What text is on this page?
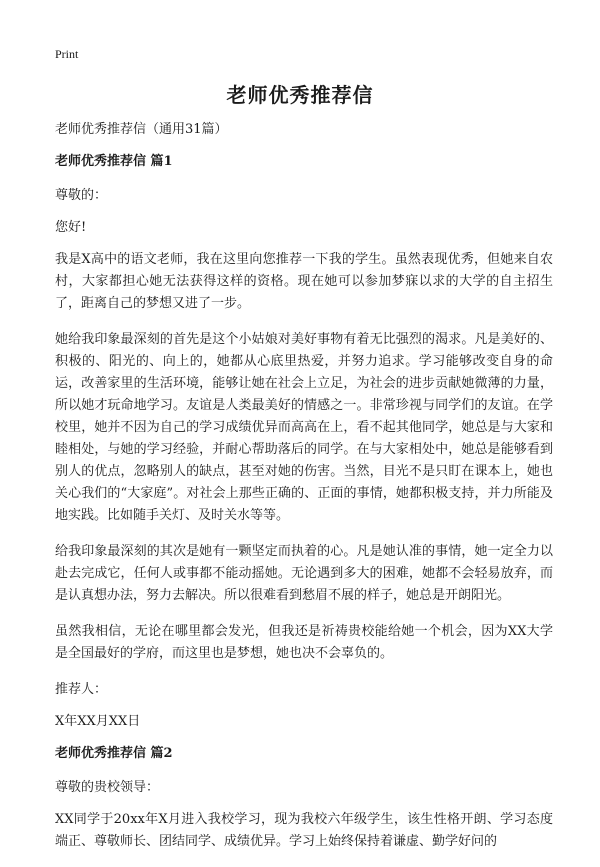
Print
老师优秀推荐信

老师优秀推荐信（通用31篇）

老师优秀推荐信 篇1

尊敬的：

您好!

我是X高中的语文老师，我在这里向您推荐一下我的学生。虽然表现优秀，但她来自农村，大家都担心她无法获得这样的资格。现在她可以参加梦寐以求的大学的自主招生了，距离自己的梦想又进了一步。

她给我印象最深刻的首先是这个小姑娘对美好事物有着无比强烈的渴求。凡是美好的、积极的、阳光的、向上的，她都从心底里热爱，并努力追求。学习能够改变自身的命运，改善家里的生活环境，能够让她在社会上立足，为社会的进步贡献她微薄的力量，所以她才玩命地学习。友谊是人类最美好的情感之一。非常珍视与同学们的友谊。在学校里，她并不因为自己的学习成绩优异而高高在上，看不起其他同学，她总是与大家和睦相处，与她的学习经验，并耐心帮助落后的同学。在与大家相处中，她总是能够看到别人的优点，忽略别人的缺点，甚至对她的伤害。当然，目光不是只盯在课本上，她也关心我们的“大家庭”。对社会上那些正确的、正面的事情，她都积极支持，并力所能及地实践。比如随手关灯、及时关水等等。

给我印象最深刻的其次是她有一颗坚定而执着的心。凡是她认准的事情，她一定全力以赴去完成它，任何人或事都不能动摇她。无论遇到多大的困难，她都不会轻易放弃，而是认真想办法，努力去解决。所以很难看到愁眉不展的样子，她总是开朗阳光。

虽然我相信，无论在哪里都会发光，但我还是祈祷贵校能给她一个机会，因为XX大学是全国最好的学府，而这里也是梦想，她也决不会辜负的。

推荐人：

X年XX月XX日

老师优秀推荐信 篇2

尊敬的贵校领导：

XX同学于20xx年X月进入我校学习，现为我校六年级学生，该生性格开朗、学习态度端正、尊敬师长、团结同学、成绩优异。学习上始终保持着谦虚、勤学好问的
